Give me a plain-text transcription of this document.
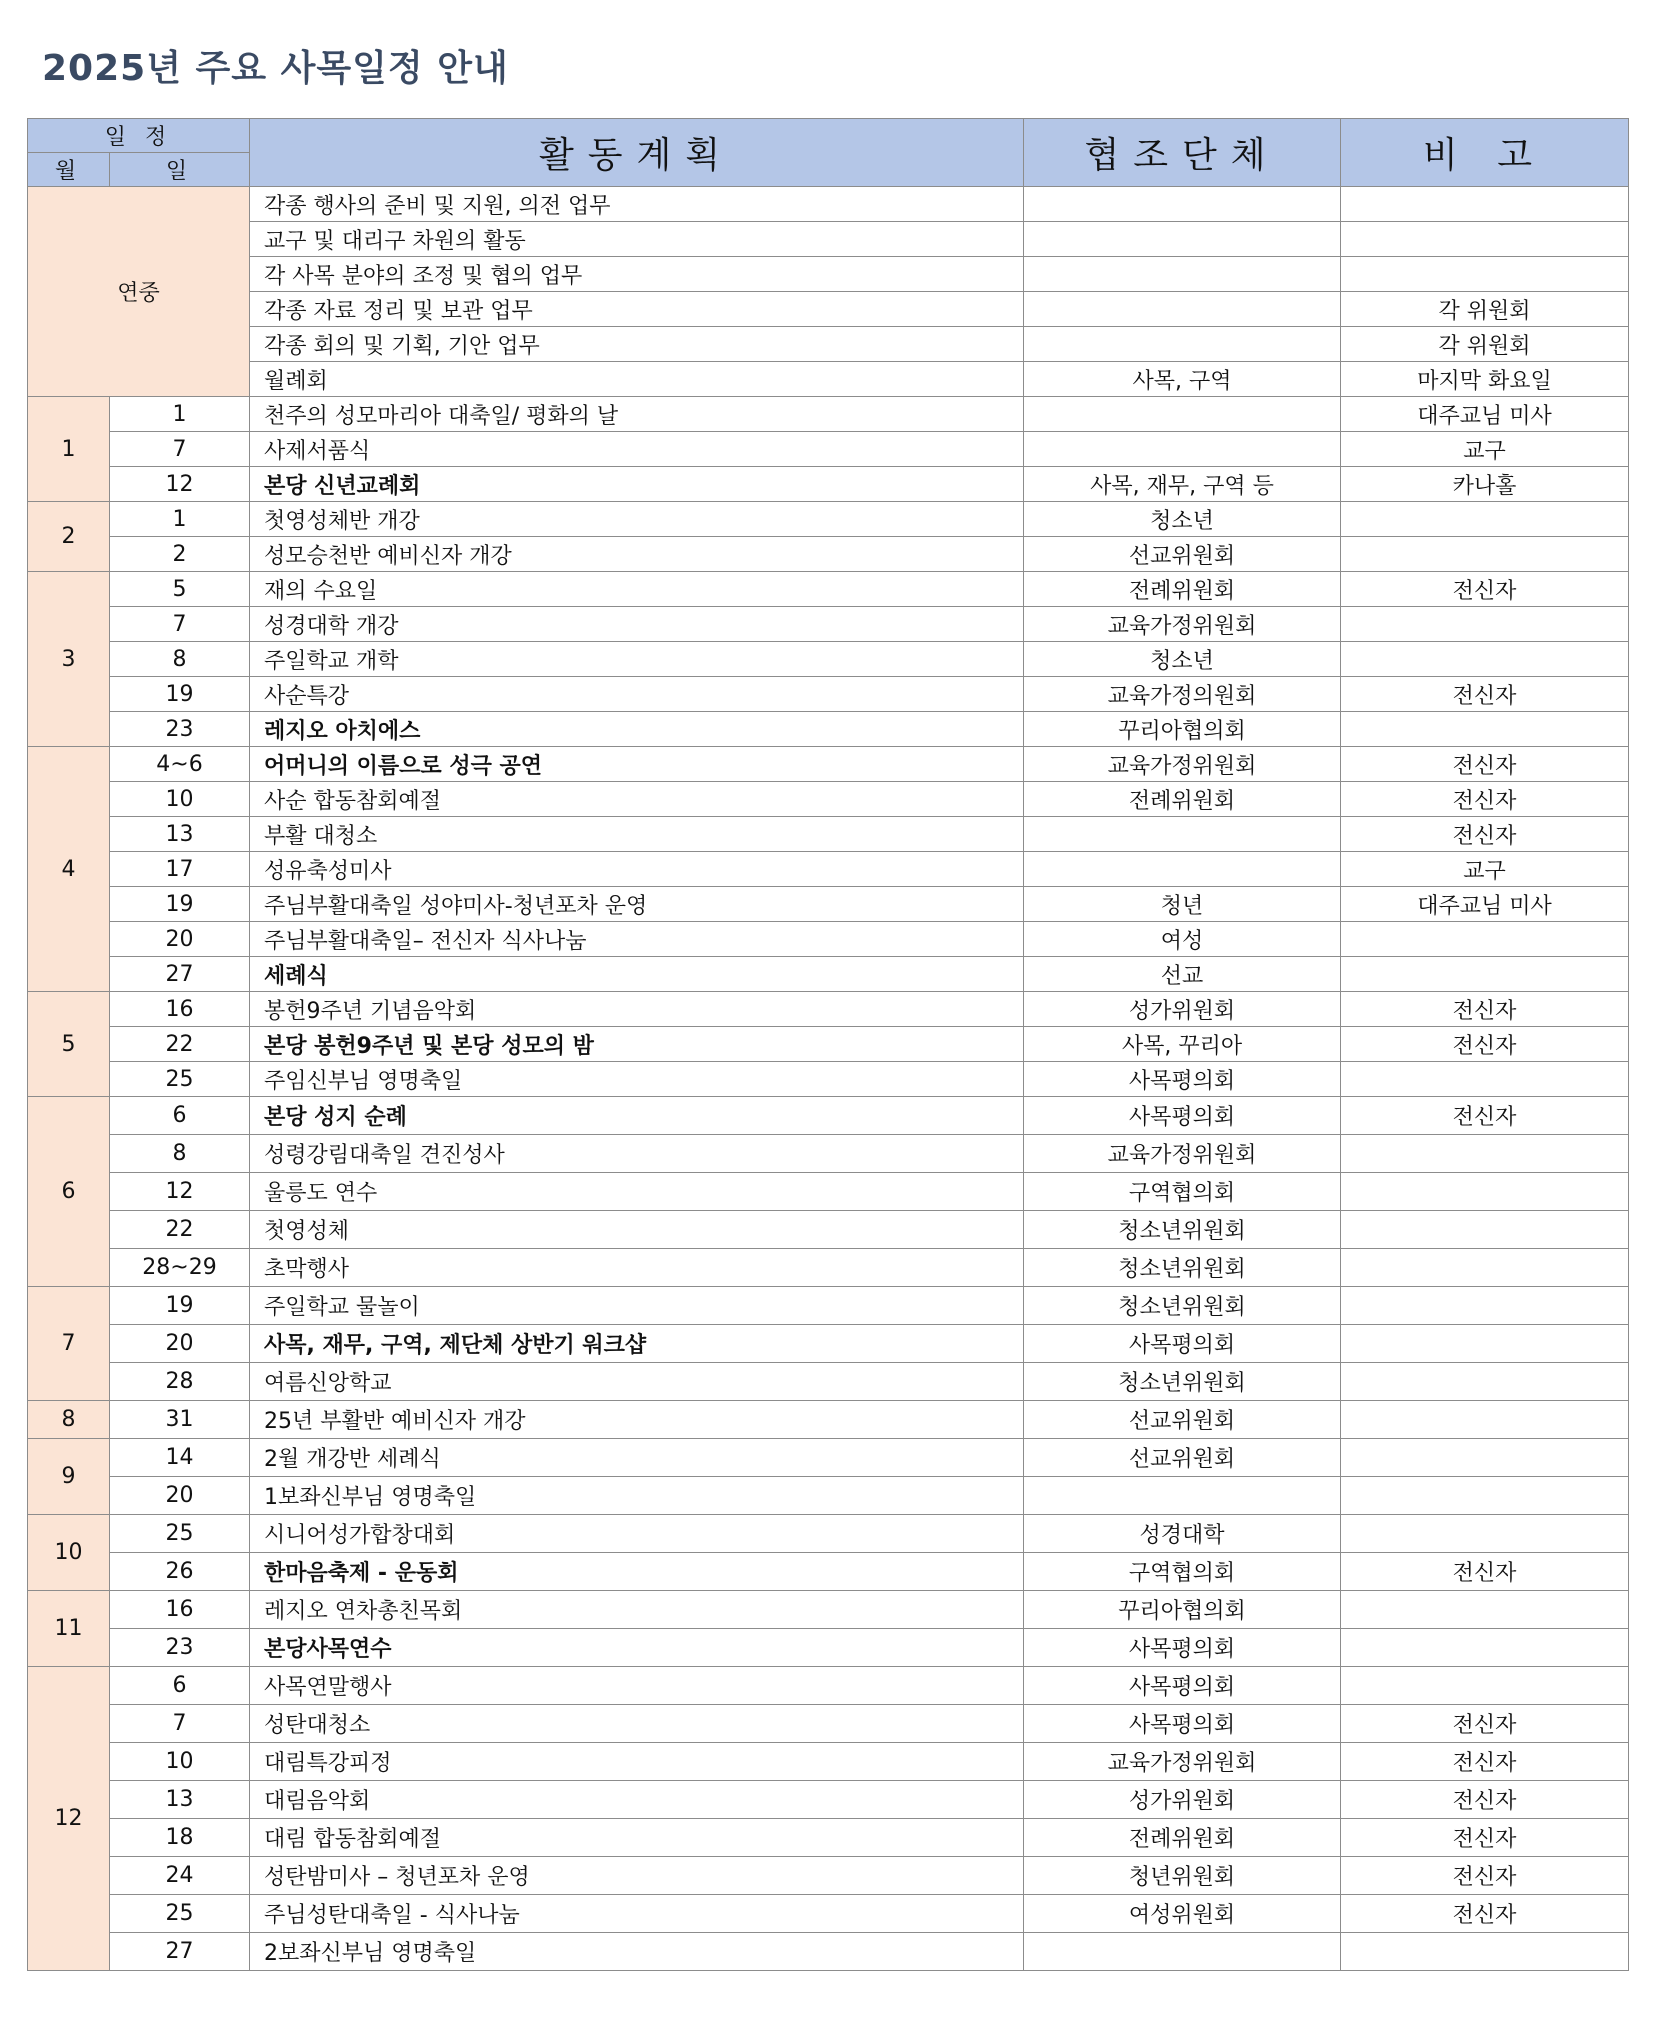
2025년 주요 사목일정 안내
일 정		활동계획	협조단체	비 고
월	일			
연중		각종 행사의 준비 및 지원, 의전 업무		
		교구 및 대리구 차원의 활동		
		각 사목 분야의 조정 및 협의 업무		
		각종 자료 정리 및 보관 업무		각 위원회
		각종 회의 및 기획, 기안 업무		각 위원회
		월례회	사목, 구역	마지막 화요일
1	1	천주의 성모마리아 대축일/ 평화의 날		대주교님 미사
	7	사제서품식		교구
	12	본당 신년교례회	사목, 재무, 구역 등	카나홀
2	1	첫영성체반 개강	청소년	
	2	성모승천반 예비신자 개강	선교위원회	
3	5	재의 수요일	전례위원회	전신자
	7	성경대학 개강	교육가정위원회	
	8	주일학교 개학	청소년	
	19	사순특강	교육가정의원회	전신자
	23	레지오 아치에스	꾸리아협의회	
4	4~6	어머니의 이름으로 성극 공연	교육가정위원회	전신자
	10	사순 합동참회예절	전례위원회	전신자
	13	부활 대청소		전신자
	17	성유축성미사		교구
	19	주님부활대축일 성야미사-청년포차 운영	청년	대주교님 미사
	20	주님부활대축일– 전신자 식사나눔	여성	
	27	세례식	선교	
5	16	봉헌9주년 기념음악회	성가위원회	전신자
	22	본당 봉헌9주년 및 본당 성모의 밤	사목, 꾸리아	전신자
	25	주임신부님 영명축일	사목평의회	
6	6	본당 성지 순례	사목평의회	전신자
	8	성령강림대축일 견진성사	교육가정위원회	
	12	울릉도 연수	구역협의회	
	22	첫영성체	청소년위원회	
	28~29	초막행사	청소년위원회	
7	19	주일학교 물놀이	청소년위원회	
	20	사목, 재무, 구역, 제단체 상반기 워크샵	사목평의회	
	28	여름신앙학교	청소년위원회	
8	31	25년 부활반 예비신자 개강	선교위원회	
9	14	2월 개강반 세례식	선교위원회	
	20	1보좌신부님 영명축일		
10	25	시니어성가합창대회	성경대학	
	26	한마음축제 - 운동회	구역협의회	전신자
11	16	레지오 연차총친목회	꾸리아협의회	
	23	본당사목연수	사목평의회	
12	6	사목연말행사	사목평의회	
	7	성탄대청소	사목평의회	전신자
	10	대림특강피정	교육가정위원회	전신자
	13	대림음악회	성가위원회	전신자
	18	대림 합동참회예절	전례위원회	전신자
	24	성탄밤미사 – 청년포차 운영	청년위원회	전신자
	25	주님성탄대축일 - 식사나눔	여성위원회	전신자
	27	2보좌신부님 영명축일		
